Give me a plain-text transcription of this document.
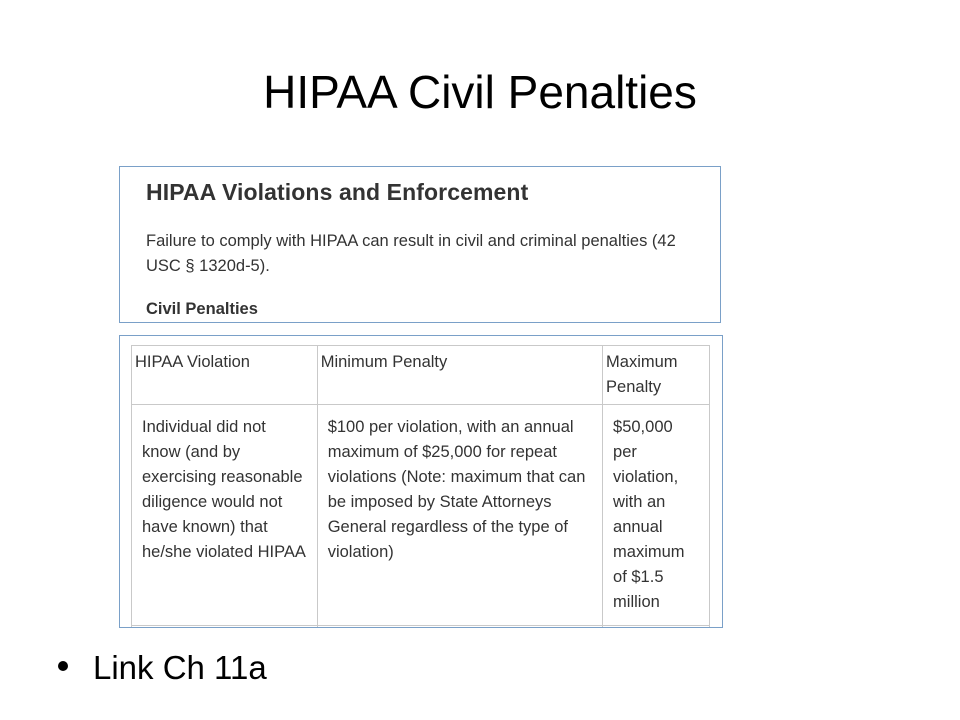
HIPAA Civil Penalties
HIPAA Violations and Enforcement
Failure to comply with HIPAA can result in civil and criminal penalties (42 USC § 1320d-5).
Civil Penalties
HIPAA Violation	Minimum Penalty	Maximum Penalty
Individual did not know (and by exercising reasonable diligence would not have known) that he/she violated HIPAA	$100 per violation, with an annual maximum of $25,000 for repeat violations (Note: maximum that can be imposed by State Attorneys General regardless of the type of violation)	$50,000 per violation, with an annual maximum of $1.5 million

Link Ch 11a
